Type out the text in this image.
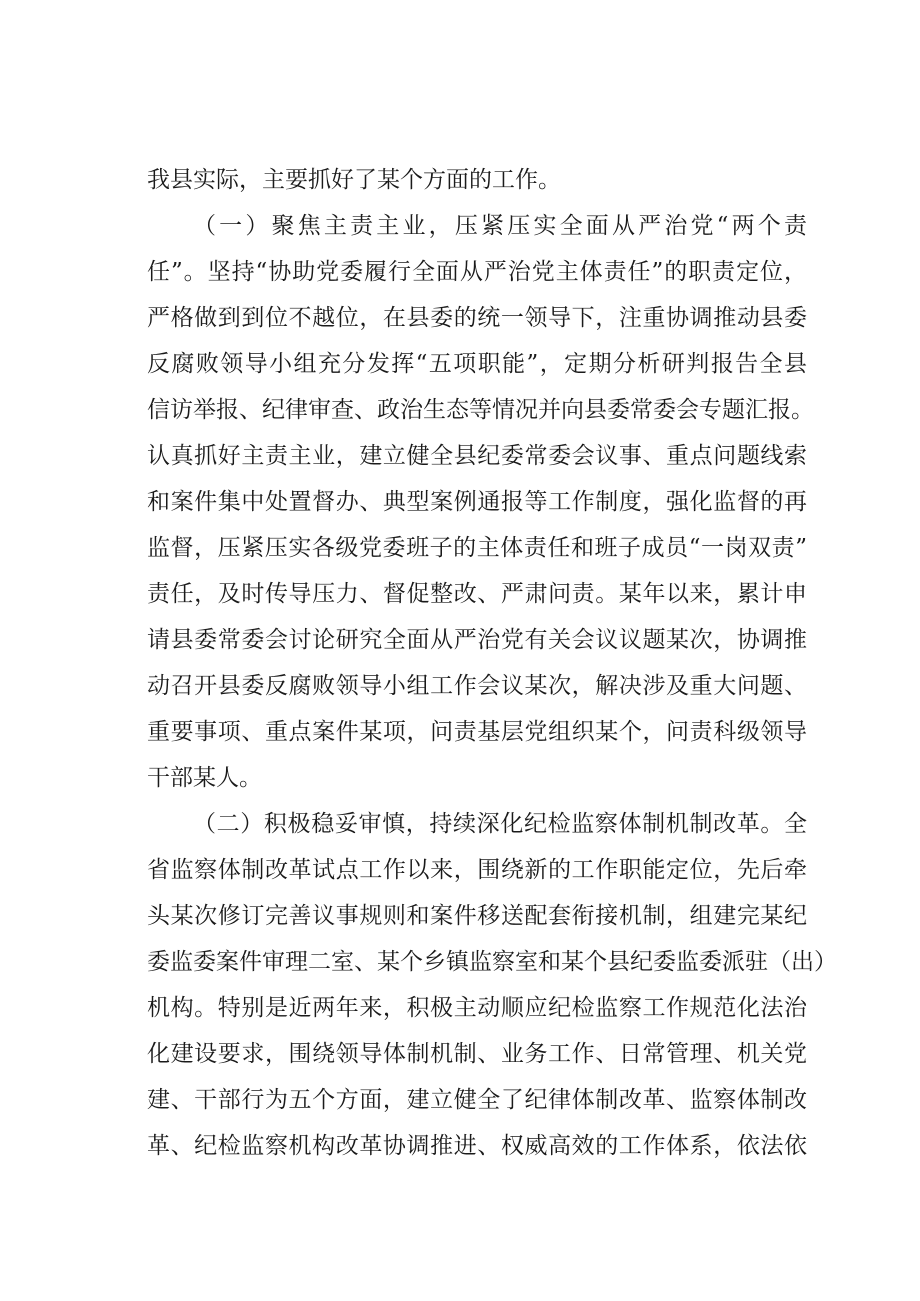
我县实际，主要抓好了某个方面的工作。
（一）聚焦主责主业，压紧压实全面从严治党“两个责
任”。坚持“协助党委履行全面从严治党主体责任”的职责定位，
严格做到到位不越位，在县委的统一领导下，注重协调推动县委
反腐败领导小组充分发挥“五项职能”，定期分析研判报告全县
信访举报、纪律审查、政治生态等情况并向县委常委会专题汇报。
认真抓好主责主业，建立健全县纪委常委会议事、重点问题线索
和案件集中处置督办、典型案例通报等工作制度，强化监督的再
监督，压紧压实各级党委班子的主体责任和班子成员“一岗双责”
责任，及时传导压力、督促整改、严肃问责。某年以来，累计申
请县委常委会讨论研究全面从严治党有关会议议题某次，协调推
动召开县委反腐败领导小组工作会议某次，解决涉及重大问题、
重要事项、重点案件某项，问责基层党组织某个，问责科级领导
干部某人。
（二）积极稳妥审慎，持续深化纪检监察体制机制改革。全
省监察体制改革试点工作以来，围绕新的工作职能定位，先后牵
头某次修订完善议事规则和案件移送配套衔接机制，组建完某纪
委监委案件审理二室、某个乡镇监察室和某个县纪委监委派驻（出）
机构。特别是近两年来，积极主动顺应纪检监察工作规范化法治
化建设要求，围绕领导体制机制、业务工作、日常管理、机关党
建、干部行为五个方面，建立健全了纪律体制改革、监察体制改
革、纪检监察机构改革协调推进、权威高效的工作体系，依法依
